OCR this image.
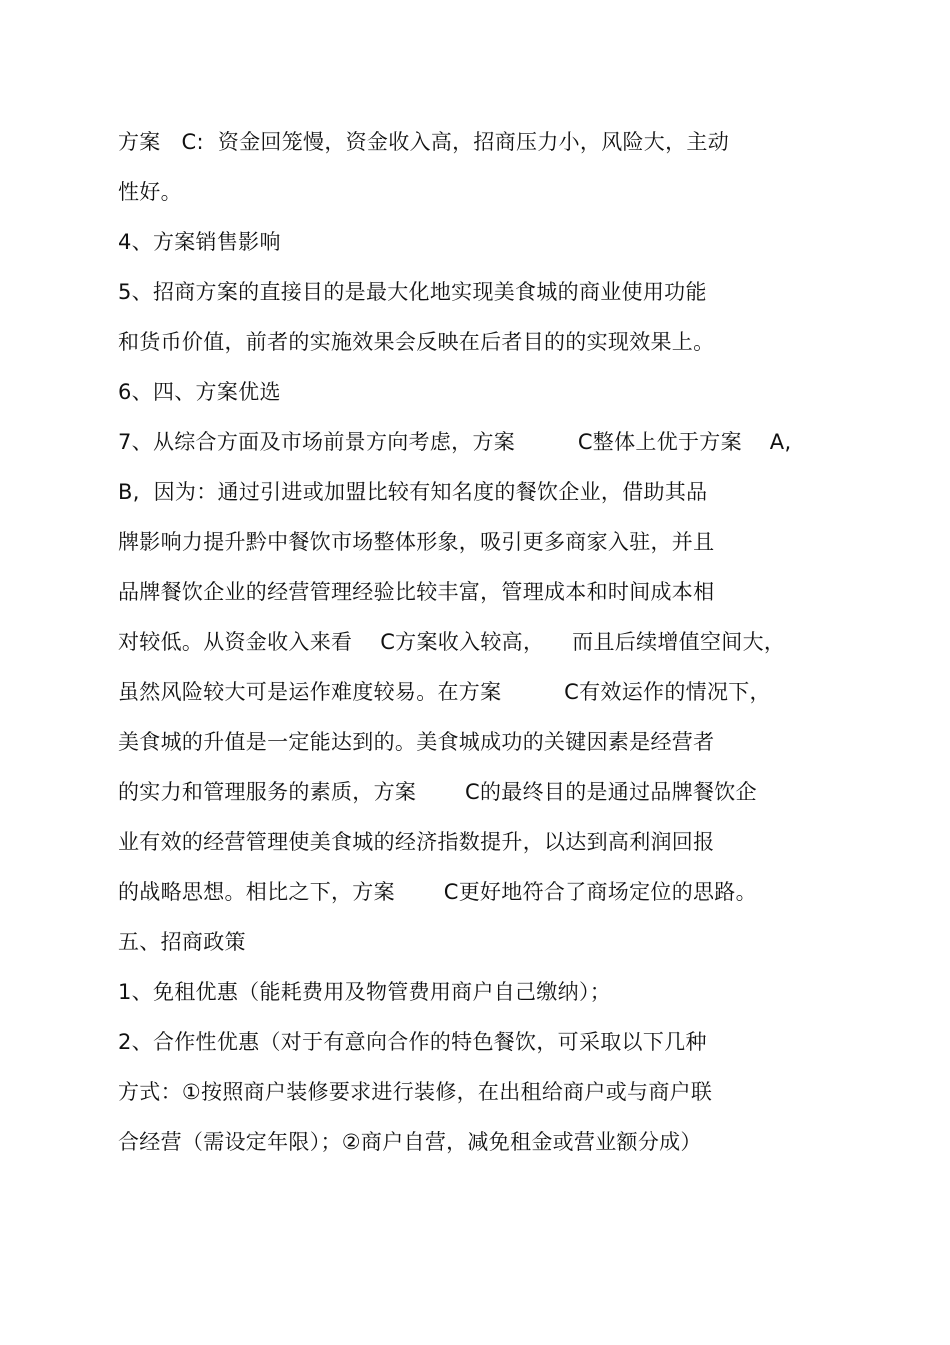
方案   C:  资金回笼慢，资金收入高，招商压力小，风险大，主动
性好。
4、方案销售影响
5、招商方案的直接目的是最大化地实现美食城的商业使用功能
和货币价值，前者的实施效果会反映在后者目的的实现效果上。
6、四、方案优选
7、从综合方面及市场前景方向考虑，方案         C整体上优于方案    A,
B,  因为：通过引进或加盟比较有知名度的餐饮企业，借助其品
牌影响力提升黔中餐饮市场整体形象，吸引更多商家入驻，并且
品牌餐饮企业的经营管理经验比较丰富，管理成本和时间成本相
对较低。从资金收入来看    C方案收入较高，    而且后续增值空间大，
虽然风险较大可是运作难度较易。在方案         C有效运作的情况下，
美食城的升值是一定能达到的。美食城成功的关键因素是经营者
的实力和管理服务的素质，方案       C的最终目的是通过品牌餐饮企
业有效的经营管理使美食城的经济指数提升，以达到高利润回报
的战略思想。相比之下，方案       C更好地符合了商场定位的思路。
五、招商政策
1、免租优惠（能耗费用及物管费用商户自己缴纳）；
2、合作性优惠（对于有意向合作的特色餐饮，可采取以下几种
方式：①按照商户装修要求进行装修，在出租给商户或与商户联
合经营（需设定年限）；②商户自营，减免租金或营业额分成）
